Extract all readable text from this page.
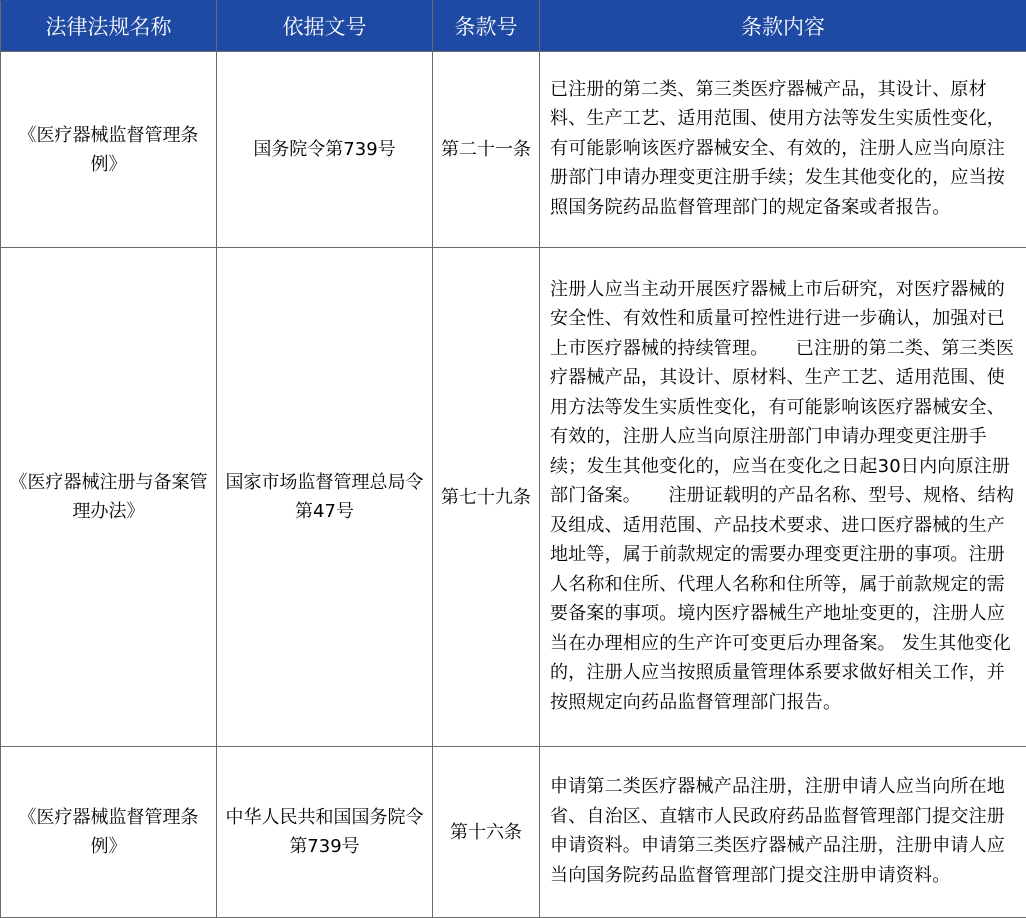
法律法规名称	依据文号	条款号	条款内容
《医疗器械监督管理条例》	国务院令第739号	第二十一条	已注册的第二类、第三类医疗器械产品，其设计、原材料、生产工艺、适用范围、使用方法等发生实质性变化，有可能影响该医疗器械安全、有效的，注册人应当向原注册部门申请办理变更注册手续；发生其他变化的，应当按照国务院药品监督管理部门的规定备案或者报告。
《医疗器械注册与备案管理办法》	国家市场监督管理总局令第47号	第七十九条	注册人应当主动开展医疗器械上市后研究，对医疗器械的安全性、有效性和质量可控性进行进一步确认，加强对已上市医疗器械的持续管理。　　已注册的第二类、第三类医疗器械产品，其设计、原材料、生产工艺、适用范围、使用方法等发生实质性变化，有可能影响该医疗器械安全、有效的，注册人应当向原注册部门申请办理变更注册手续；发生其他变化的，应当在变化之日起30日内向原注册部门备案。　　注册证载明的产品名称、型号、规格、结构及组成、适用范围、产品技术要求、进口医疗器械的生产地址等，属于前款规定的需要办理变更注册的事项。注册人名称和住所、代理人名称和住所等，属于前款规定的需要备案的事项。境内医疗器械生产地址变更的，注册人应当在办理相应的生产许可变更后办理备案。 发生其他变化的，注册人应当按照质量管理体系要求做好相关工作，并按照规定向药品监督管理部门报告。
《医疗器械监督管理条例》	中华人民共和国国务院令第739号	第十六条	申请第二类医疗器械产品注册，注册申请人应当向所在地省、自治区、直辖市人民政府药品监督管理部门提交注册申请资料。申请第三类医疗器械产品注册，注册申请人应当向国务院药品监督管理部门提交注册申请资料。
